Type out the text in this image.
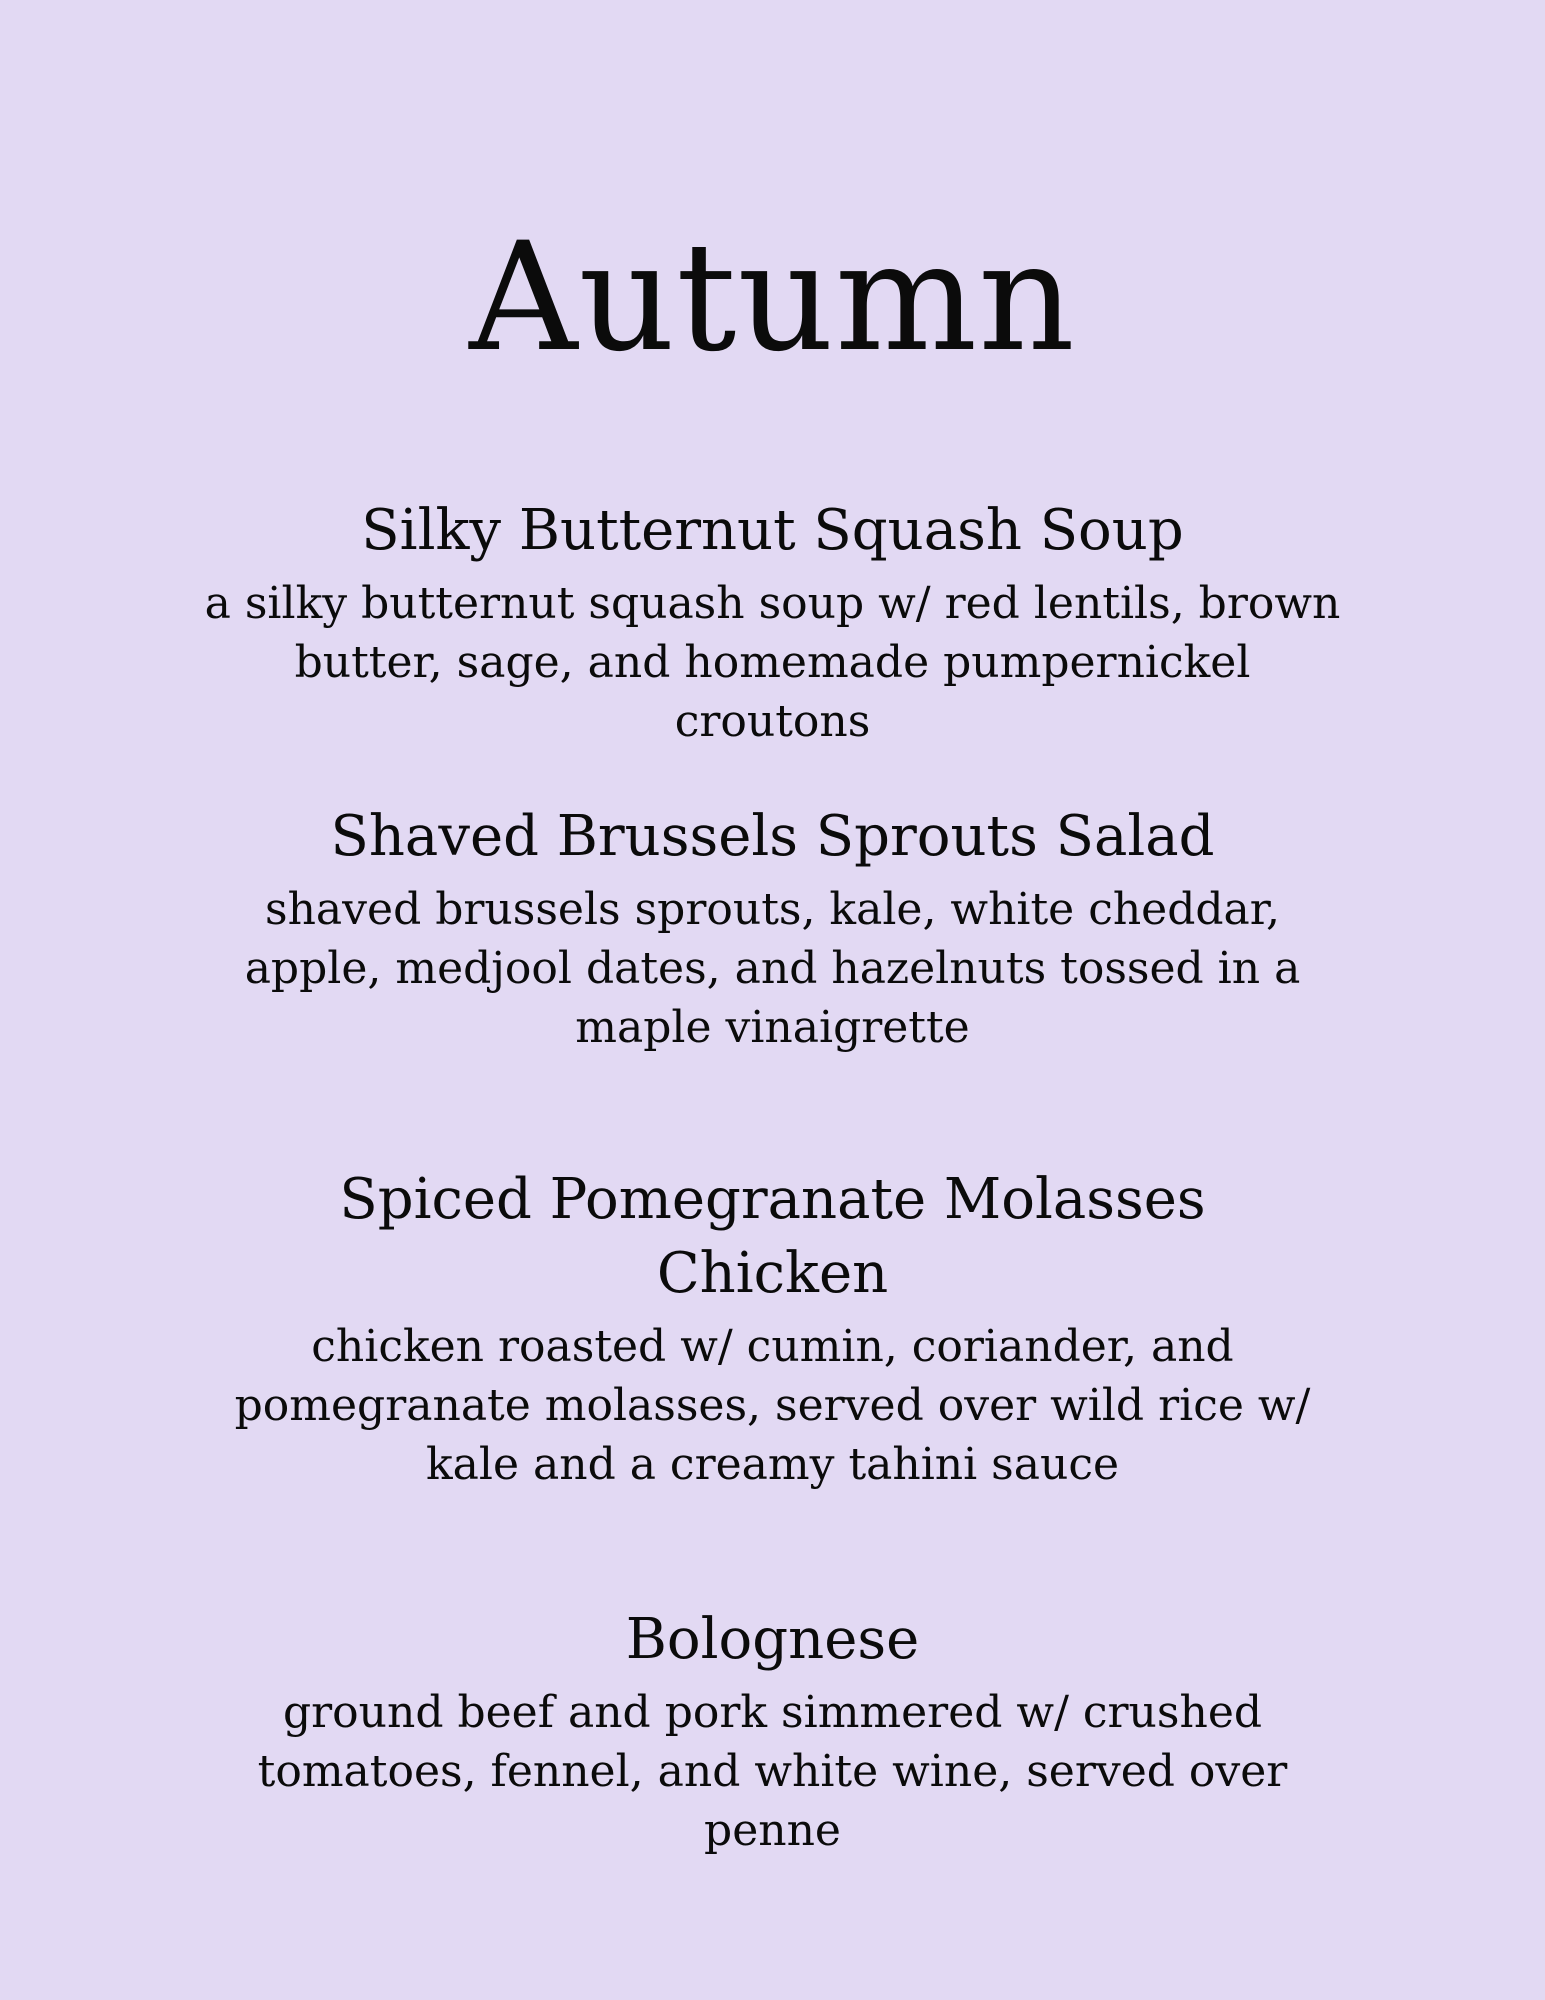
Autumn
Silky Butternut Squash Soup

a silky butternut squash soup w/ red lentils, brown butter, sage, and homemade pumpernickel croutons

Shaved Brussels Sprouts Salad

shaved brussels sprouts, kale, white cheddar, apple, medjool dates, and hazelnuts tossed in a maple vinaigrette

Spiced Pomegranate Molasses Chicken

chicken roasted w/ cumin, coriander, and pomegranate molasses, served over wild rice w/ kale and a creamy tahini sauce

Bolognese

ground beef and pork simmered w/ crushed tomatoes, fennel, and white wine, served over penne
